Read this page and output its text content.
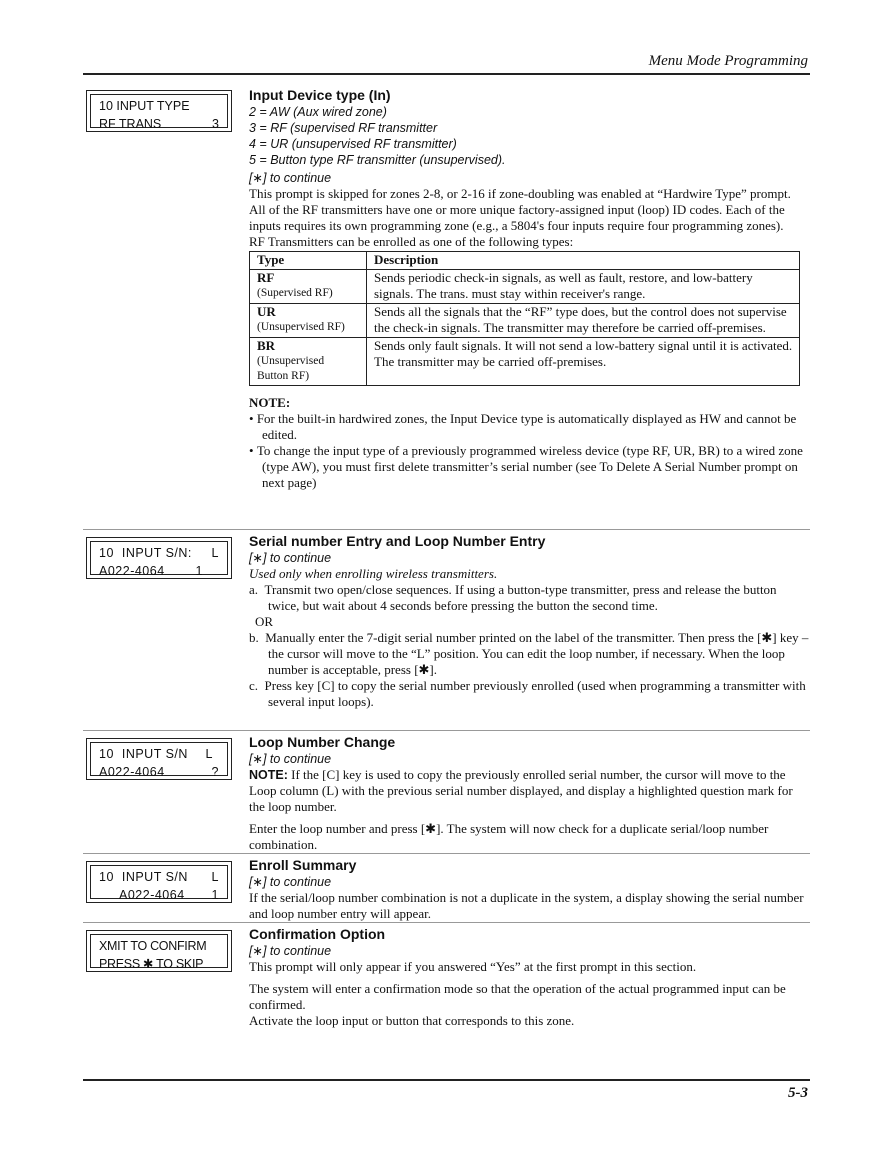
Menu Mode Programming
10 INPUT TYPE
RF TRANS	3
Input Device type (In)
2 = AW (Aux wired zone)
3 = RF (supervised RF transmitter
4 = UR (unsupervised RF transmitter)
5 = Button type RF transmitter (unsupervised).
[∗] to continue

This prompt is skipped for zones 2-8, or 2-16 if zone-doubling was enabled at “Hardwire Type” prompt.

All of the RF transmitters have one or more unique factory-assigned input (loop) ID codes. Each of the inputs requires its own programming zone (e.g., a 5804's four inputs require four programming zones).

RF Transmitters can be enrolled as one of the following types:

Type	Description
RF
(Supervised RF)	Sends periodic check-in signals, as well as fault, restore, and low-battery signals. The trans. must stay within receiver's range.
UR
(Unsupervised RF)	Sends all the signals that the “RF” type does, but the control does not supervise the check-in signals. The transmitter may therefore be carried off-premises.
BR
(Unsupervised Button RF)	Sends only fault signals. It will not send a low-battery signal until it is activated. The transmitter may be carried off-premises.

NOTE:

• For the built-in hardwired zones, the Input Device type is automatically displayed as HW and cannot be edited.

• To change the input type of a previously programmed wireless device (type RF, UR, BR) to a wired zone (type AW), you must first delete transmitter’s serial number (see To Delete A Serial Number prompt on next page)

10  INPUT S/N: L
A022-4064 1
Serial number Entry and Loop Number Entry
[∗] to continue

Used only when enrolling wireless transmitters.

a. Transmit two open/close sequences. If using a button-type transmitter, press and release the button twice, but wait about 4 seconds before pressing the button the second time.

OR

b. Manually enter the 7-digit serial number printed on the label of the transmitter. Then press the [✱] key – the cursor will move to the “L” position. You can edit the loop number, if necessary. When the loop number is acceptable, press [✱].

c. Press key [C] to copy the serial number previously enrolled (used when programming a transmitter with several input loops).

10  INPUT S/N L
A022-4064	?
Loop Number Change
[∗] to continue

NOTE: If the [C] key is used to copy the previously enrolled serial number, the cursor will move to the Loop column (L) with the previous serial number displayed, and display a highlighted question mark for the loop number.

Enter the loop number and press [✱]. The system will now check for a duplicate serial/loop number combination.

10  INPUT S/N L
A022-4064 1
Enroll Summary
[∗] to continue

If the serial/loop number combination is not a duplicate in the system, a display showing the serial number and loop number entry will appear.

XMIT TO CONFIRM
PRESS ✱ TO SKIP
Confirmation Option
[∗] to continue

This prompt will only appear if you answered “Yes” at the first prompt in this section.

The system will enter a confirmation mode so that the operation of the actual programmed input can be confirmed.

Activate the loop input or button that corresponds to this zone.

5-3
